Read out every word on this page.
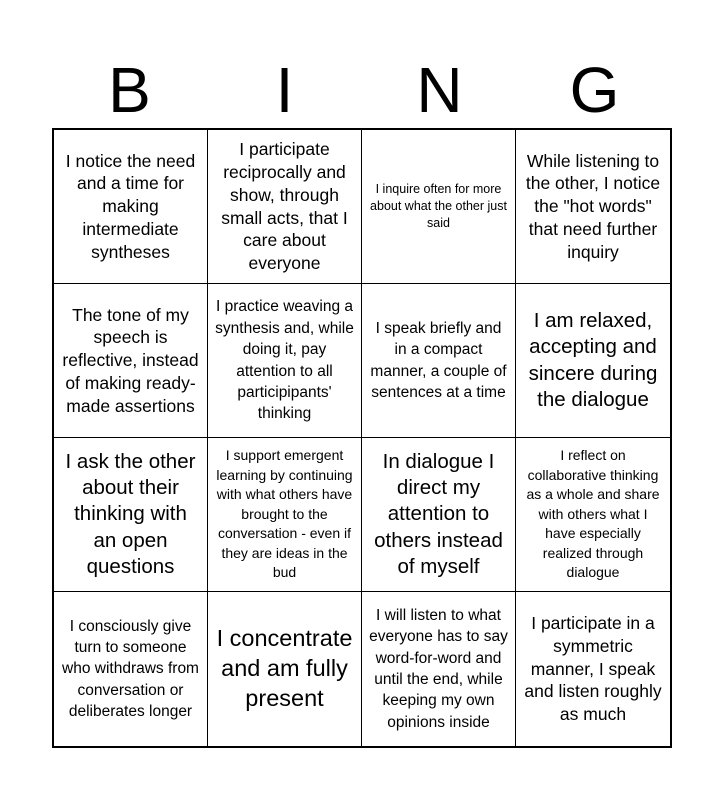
B	I	N	G
I notice the need and a time for making intermediate syntheses
I participate reciprocally and show, through small acts, that I care about everyone
I inquire often for more about what the other just said
While listening to the other, I notice the "hot words" that need further inquiry
The tone of my speech is reflective, instead of making ready-made assertions
I practice weaving a synthesis and, while doing it, pay attention to all participipants' thinking
I speak briefly and in a compact manner, a couple of sentences at a time
I am relaxed, accepting and sincere during the dialogue
I ask the other about their thinking with an open questions
I support emergent learning by continuing with what others have brought to the conversation - even if they are ideas in the bud
In dialogue I direct my attention to others instead of myself
I reflect on collaborative thinking as a whole and share with others what I have especially realized through dialogue
I consciously give turn to someone who withdraws from conversation or deliberates longer
I concentrate and am fully present
I will listen to what everyone has to say word-for-word and until the end, while keeping my own opinions inside
I participate in a symmetric manner, I speak and listen roughly as much
